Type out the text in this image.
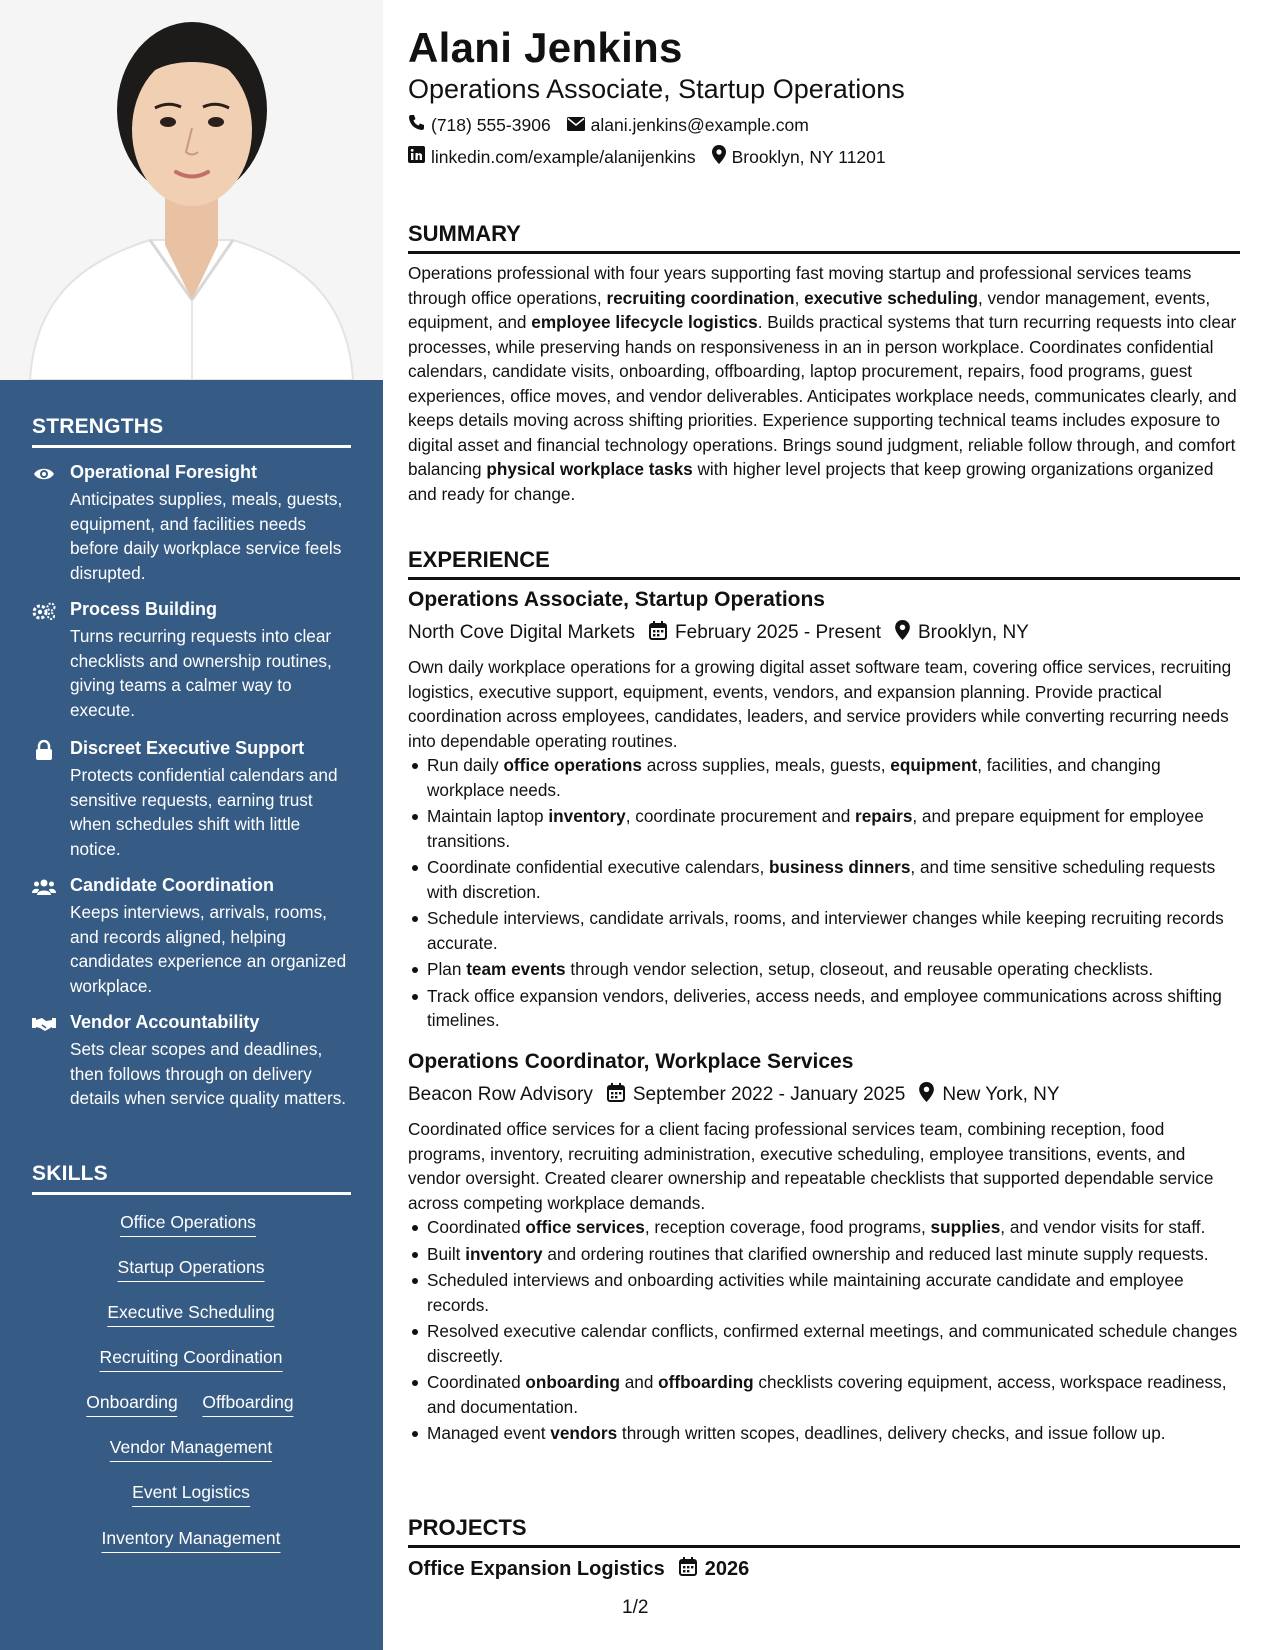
STRENGTHS
Operational Foresight
Anticipates supplies, meals, guests, equipment, and facilities needs before daily workplace service feels disrupted.
Process Building
Turns recurring requests into clear checklists and ownership routines, giving teams a calmer way to execute.
Discreet Executive Support
Protects confidential calendars and sensitive requests, earning trust when schedules shift with little notice.
Candidate Coordination
Keeps interviews, arrivals, rooms, and records aligned, helping candidates experience an organized workplace.
Vendor Accountability
Sets clear scopes and deadlines, then follows through on delivery details when service quality matters.
SKILLS
Office Operations
Startup Operations
Executive Scheduling
Recruiting Coordination
Onboarding Offboarding
Vendor Management
Event Logistics
Inventory Management
Alani Jenkins
Operations Associate, Startup Operations
(718) 555-3906 alani.jenkins@example.com
linkedin.com/example/alanijenkins Brooklyn, NY 11201
SUMMARY

Operations professional with four years supporting fast moving startup and professional services teams through office operations, recruiting coordination, executive scheduling, vendor management, events, equipment, and employee lifecycle logistics. Builds practical systems that turn recurring requests into clear processes, while preserving hands on responsiveness in an in person workplace. Coordinates confidential calendars, candidate visits, onboarding, offboarding, laptop procurement, repairs, food programs, guest experiences, office moves, and vendor deliverables. Anticipates workplace needs, communicates clearly, and keeps details moving across shifting priorities. Experience supporting technical teams includes exposure to digital asset and financial technology operations. Brings sound judgment, reliable follow through, and comfort balancing physical workplace tasks with higher level projects that keep growing organizations organized and ready for change.

EXPERIENCE
Operations Associate, Startup Operations
North Cove Digital Markets February 2025 - Present Brooklyn, NY

Own daily workplace operations for a growing digital asset software team, covering office services, recruiting logistics, executive support, equipment, events, vendors, and expansion planning. Provide practical coordination across employees, candidates, leaders, and service providers while converting recurring needs into dependable operating routines.

Run daily office operations across supplies, meals, guests, equipment, facilities, and changing workplace needs.
Maintain laptop inventory, coordinate procurement and repairs, and prepare equipment for employee transitions.
Coordinate confidential executive calendars, business dinners, and time sensitive scheduling requests with discretion.
Schedule interviews, candidate arrivals, rooms, and interviewer changes while keeping recruiting records accurate.
Plan team events through vendor selection, setup, closeout, and reusable operating checklists.
Track office expansion vendors, deliveries, access needs, and employee communications across shifting timelines.
Operations Coordinator, Workplace Services
Beacon Row Advisory September 2022 - January 2025 New York, NY

Coordinated office services for a client facing professional services team, combining reception, food programs, inventory, recruiting administration, executive scheduling, employee transitions, events, and vendor oversight. Created clearer ownership and repeatable checklists that supported dependable service across competing workplace demands.

Coordinated office services, reception coverage, food programs, supplies, and vendor visits for staff.
Built inventory and ordering routines that clarified ownership and reduced last minute supply requests.
Scheduled interviews and onboarding activities while maintaining accurate candidate and employee records.
Resolved executive calendar conflicts, confirmed external meetings, and communicated schedule changes discreetly.
Coordinated onboarding and offboarding checklists covering equipment, access, workspace readiness, and documentation.
Managed event vendors through written scopes, deadlines, delivery checks, and issue follow up.
PROJECTS
Office Expansion Logistics 2026
1/2
